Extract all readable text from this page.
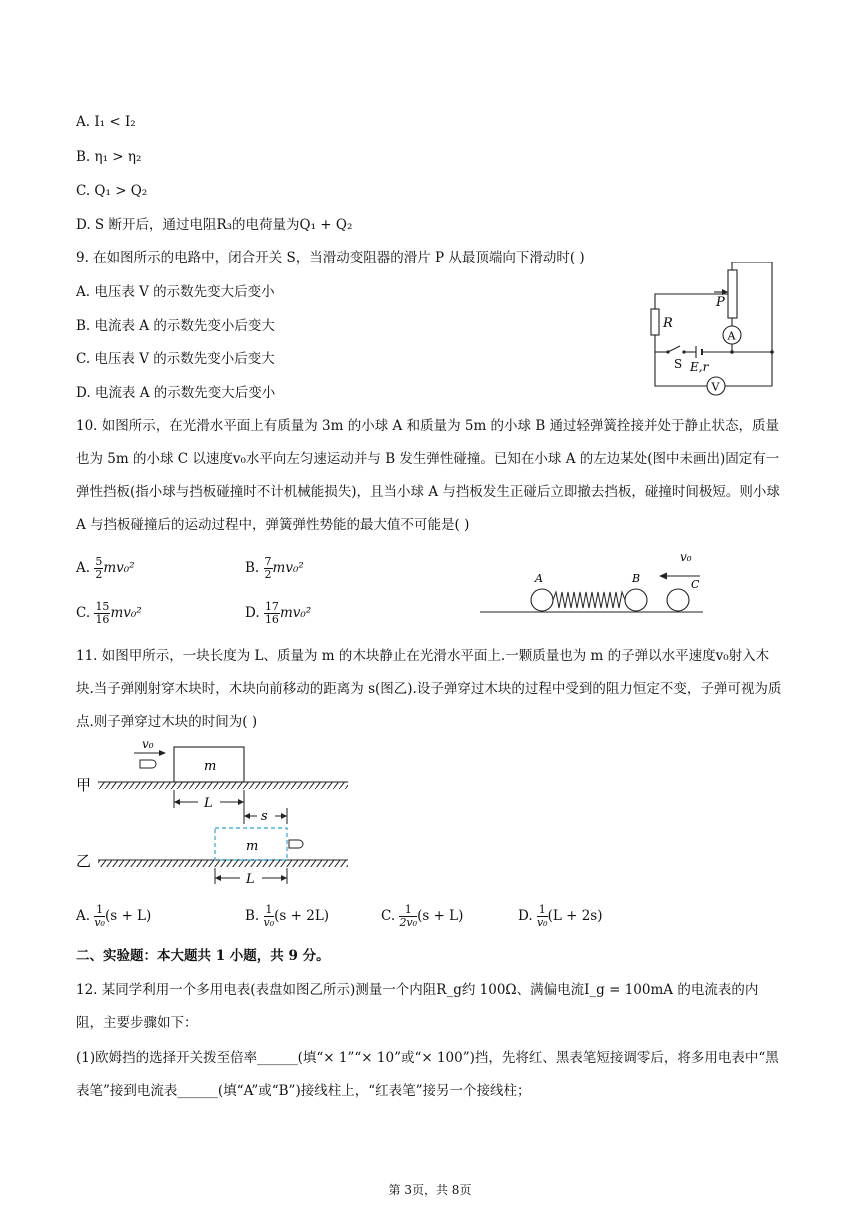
A. I₁ < I₂
B. η₁ > η₂
C. Q₁ > Q₂
D. S 断开后，通过电阻R₃的电荷量为Q₁ + Q₂
9. 在如图所示的电路中，闭合开关 S，当滑动变阻器的滑片 P 从最顶端向下滑动时( )
A. 电压表 V 的示数先变大后变小
B. 电流表 A 的示数先变小后变大
C. 电压表 V 的示数先变小后变大
D. 电流表 A 的示数先变大后变小
P
R
A
S E,r
V
10. 如图所示，在光滑水平面上有质量为 3m 的小球 A 和质量为 5m 的小球 B 通过轻弹簧拴接并处于静止状态，质量也为 5m 的小球 C 以速度v₀水平向左匀速运动并与 B 发生弹性碰撞。已知在小球 A 的左边某处(图中未画出)固定有一弹性挡板(指小球与挡板碰撞时不计机械能损失)，且当小球 A 与挡板发生正碰后立即撤去挡板，碰撞时间极短。则小球 A 与挡板碰撞后的运动过程中，弹簧弹性势能的最大值不可能是( )
A. $\frac{5}{2} mv_0^2$	B. $\frac{7}{2} mv_0^2$
C. $\frac{15}{16} mv_0^2$	D. $\frac{17}{16} mv_0^2$
v₀
A	B	C
11. 如图甲所示，一块长度为 L、质量为 m 的木块静止在光滑水平面上.一颗质量也为 m 的子弹以水平速度v₀射入木块.当子弹刚射穿木块时，木块向前移动的距离为 s(图乙).设子弹穿过木块的过程中受到的阻力恒定不变，子弹可视为质点.则子弹穿过木块的时间为( )
甲
m
v₀
L
s
乙
m
L
A. $\frac{1}{\text{v₀}} (s + L)$	B. $\frac{1}{\text{v₀}} (s + 2L)$	C. $\frac{1}{\text{2v₀}} (s + L)$	D. $\frac{1}{\text{v₀}} (L + 2s)$
二、实验题：本大题共 1 小题，共 9 分。
12. 某同学利用一个多用电表(表盘如图乙所示)测量一个内阻R_g约 100Ω、满偏电流I_g = 100mA 的电流表的内阻，主要步骤如下：
(1)欧姆挡的选择开关拨至倍率______(填“× 1”“× 10”或“× 100”)挡，先将红、黑表笔短接调零后，将多用电表中“黑表笔”接到电流表______(填“A”或“B”)接线柱上，“红表笔”接另一个接线柱；
第 3页，共 8页
